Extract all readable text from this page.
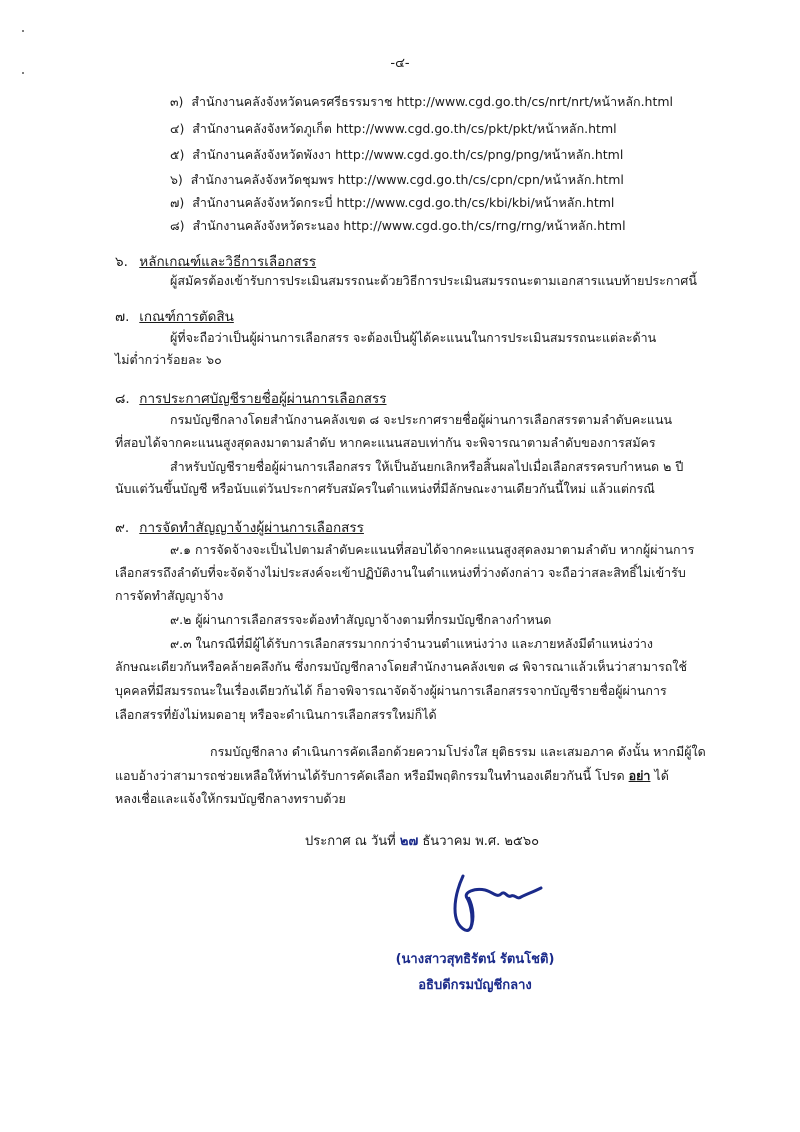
-๔-
๓) สำนักงานคลังจังหวัดนครศรีธรรมราช http://www.cgd.go.th/cs/nrt/nrt/หน้าหลัก.html
๔) สำนักงานคลังจังหวัดภูเก็ต http://www.cgd.go.th/cs/pkt/pkt/หน้าหลัก.html
๕) สำนักงานคลังจังหวัดพังงา http://www.cgd.go.th/cs/png/png/หน้าหลัก.html
๖) สำนักงานคลังจังหวัดชุมพร http://www.cgd.go.th/cs/cpn/cpn/หน้าหลัก.html
๗) สำนักงานคลังจังหวัดกระบี่ http://www.cgd.go.th/cs/kbi/kbi/หน้าหลัก.html
๘) สำนักงานคลังจังหวัดระนอง http://www.cgd.go.th/cs/rng/rng/หน้าหลัก.html
๖. หลักเกณฑ์และวิธีการเลือกสรร
ผู้สมัครต้องเข้ารับการประเมินสมรรถนะด้วยวิธีการประเมินสมรรถนะตามเอกสารแนบท้ายประกาศนี้
๗. เกณฑ์การตัดสิน
ผู้ที่จะถือว่าเป็นผู้ผ่านการเลือกสรร จะต้องเป็นผู้ได้คะแนนในการประเมินสมรรถนะแต่ละด้าน
ไม่ต่ำกว่าร้อยละ ๖๐
๘. การประกาศบัญชีรายชื่อผู้ผ่านการเลือกสรร
กรมบัญชีกลางโดยสำนักงานคลังเขต ๘ จะประกาศรายชื่อผู้ผ่านการเลือกสรรตามลำดับคะแนน
ที่สอบได้จากคะแนนสูงสุดลงมาตามลำดับ หากคะแนนสอบเท่ากัน จะพิจารณาตามลำดับของการสมัคร
สำหรับบัญชีรายชื่อผู้ผ่านการเลือกสรร ให้เป็นอันยกเลิกหรือสิ้นผลไปเมื่อเลือกสรรครบกำหนด ๒ ปี
นับแต่วันขึ้นบัญชี หรือนับแต่วันประกาศรับสมัครในตำแหน่งที่มีลักษณะงานเดียวกันนี้ใหม่ แล้วแต่กรณี
๙. การจัดทำสัญญาจ้างผู้ผ่านการเลือกสรร
๙.๑ การจัดจ้างจะเป็นไปตามลำดับคะแนนที่สอบได้จากคะแนนสูงสุดลงมาตามลำดับ หากผู้ผ่านการ
เลือกสรรถึงลำดับที่จะจัดจ้างไม่ประสงค์จะเข้าปฏิบัติงานในตำแหน่งที่ว่างดังกล่าว จะถือว่าสละสิทธิ์ไม่เข้ารับ
การจัดทำสัญญาจ้าง
๙.๒ ผู้ผ่านการเลือกสรรจะต้องทำสัญญาจ้างตามที่กรมบัญชีกลางกำหนด
๙.๓ ในกรณีที่มีผู้ได้รับการเลือกสรรมากกว่าจำนวนตำแหน่งว่าง และภายหลังมีตำแหน่งว่าง
ลักษณะเดียวกันหรือคล้ายคลึงกัน ซึ่งกรมบัญชีกลางโดยสำนักงานคลังเขต ๘ พิจารณาแล้วเห็นว่าสามารถใช้
บุคคลที่มีสมรรถนะในเรื่องเดียวกันได้ ก็อาจพิจารณาจัดจ้างผู้ผ่านการเลือกสรรจากบัญชีรายชื่อผู้ผ่านการ
เลือกสรรที่ยังไม่หมดอายุ หรือจะดำเนินการเลือกสรรใหม่ก็ได้
กรมบัญชีกลาง ดำเนินการคัดเลือกด้วยความโปร่งใส ยุติธรรม และเสมอภาค ดังนั้น หากมีผู้ใด
แอบอ้างว่าสามารถช่วยเหลือให้ท่านได้รับการคัดเลือก หรือมีพฤติกรรมในทำนองเดียวกันนี้ โปรด อย่า ได้
หลงเชื่อและแจ้งให้กรมบัญชีกลางทราบด้วย
ประกาศ ณ วันที่ ๒๗ ธันวาคม พ.ศ. ๒๕๖๐
(นางสาวสุทธิรัตน์ รัตนโชติ)
อธิบดีกรมบัญชีกลาง
